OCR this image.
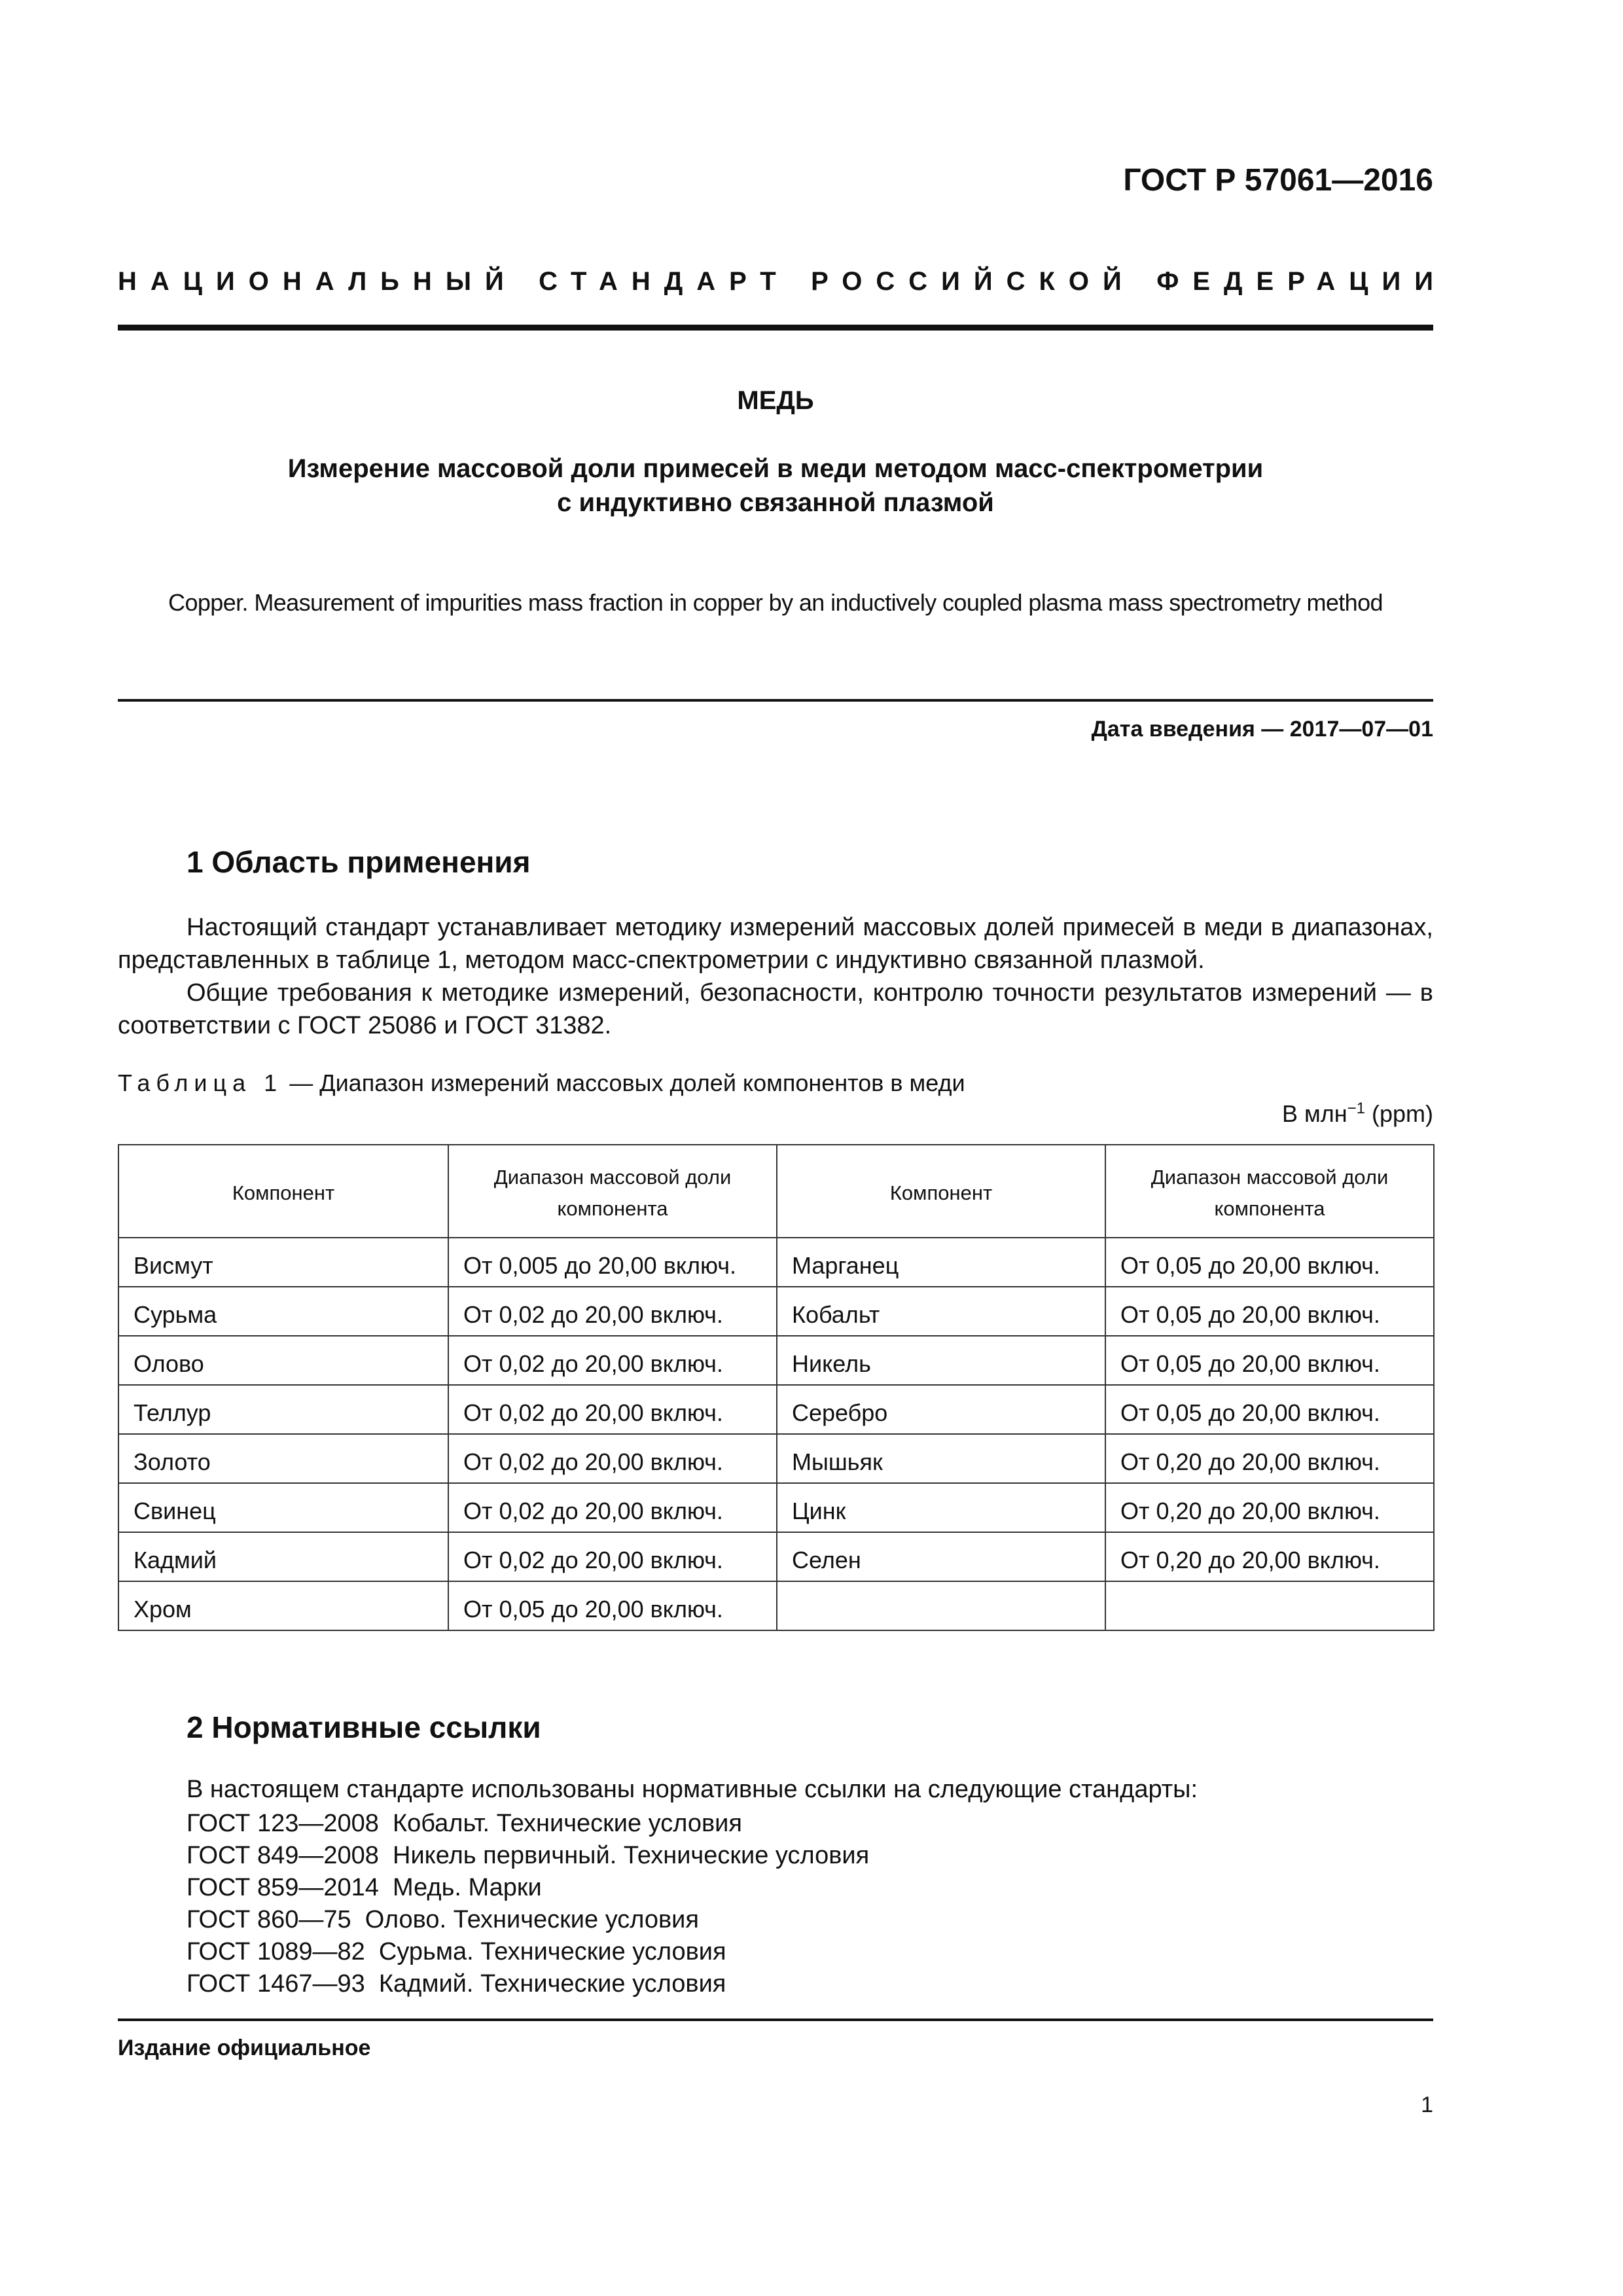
ГОСТ Р 57061—2016
НАЦИОНАЛЬНЫЙ СТАНДАРТ РОССИЙСКОЙ ФЕДЕРАЦИИ
МЕДЬ
Измерение массовой доли примесей в меди методом масс-спектрометрии
с индуктивно связанной плазмой
Copper. Measurement of impurities mass fraction in copper by an inductively coupled plasma mass spectrometry method
Дата введения — 2017—07—01
1 Область применения

Настоящий стандарт устанавливает методику измерений массовых долей примесей в меди в диапазонах, представленных в таблице 1, методом масс-спектрометрии с индуктивно связанной плазмой.

Общие требования к методике измерений, безопасности, контролю точности результатов измерений — в соответствии с ГОСТ 25086 и ГОСТ 31382.

Таблица 1 — Диапазон измерений массовых долей компонентов в меди
В млн$^{-1}$ (ppm)
Компонент	Диапазон массовой доли компонента	Компонент	Диапазон массовой доли компонента
Висмут	От 0,005 до 20,00 включ.	Марганец	От 0,05 до 20,00 включ.
Сурьма	От 0,02 до 20,00 включ.	Кобальт	От 0,05 до 20,00 включ.
Олово	От 0,02 до 20,00 включ.	Никель	От 0,05 до 20,00 включ.
Теллур	От 0,02 до 20,00 включ.	Серебро	От 0,05 до 20,00 включ.
Золото	От 0,02 до 20,00 включ.	Мышьяк	От 0,20 до 20,00 включ.
Свинец	От 0,02 до 20,00 включ.	Цинк	От 0,20 до 20,00 включ.
Кадмий	От 0,02 до 20,00 включ.	Селен	От 0,20 до 20,00 включ.
Хром	От 0,05 до 20,00 включ.		
2 Нормативные ссылки
В настоящем стандарте использованы нормативные ссылки на следующие стандарты:
ГОСТ 123—2008 Кобальт. Технические условия
ГОСТ 849—2008 Никель первичный. Технические условия
ГОСТ 859—2014 Медь. Марки
ГОСТ 860—75 Олово. Технические условия
ГОСТ 1089—82 Сурьма. Технические условия
ГОСТ 1467—93 Кадмий. Технические условия
Издание официальное
1
